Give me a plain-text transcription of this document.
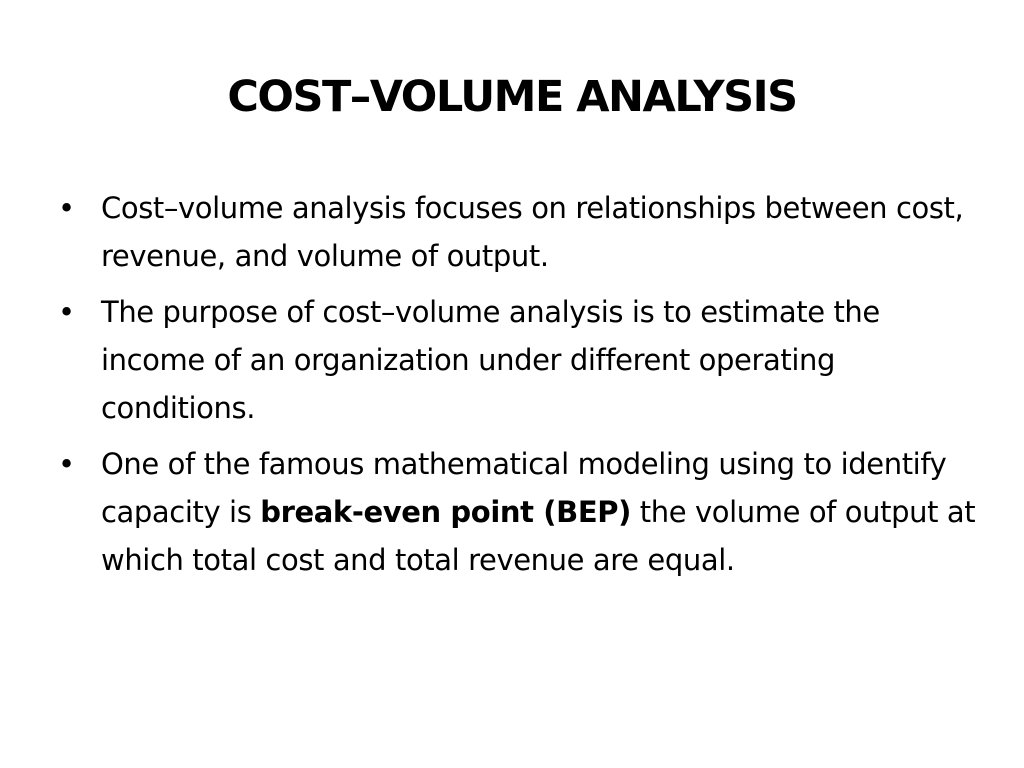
COST–VOLUME ANALYSIS
• Cost–volume analysis focuses on relationships between cost, revenue, and volume of output.
• The purpose of cost–volume analysis is to estimate the income of an organization under different operating conditions.
• One of the famous mathematical modeling using to identify capacity is break-even point (BEP) the volume of output at which total cost and total revenue are equal.
